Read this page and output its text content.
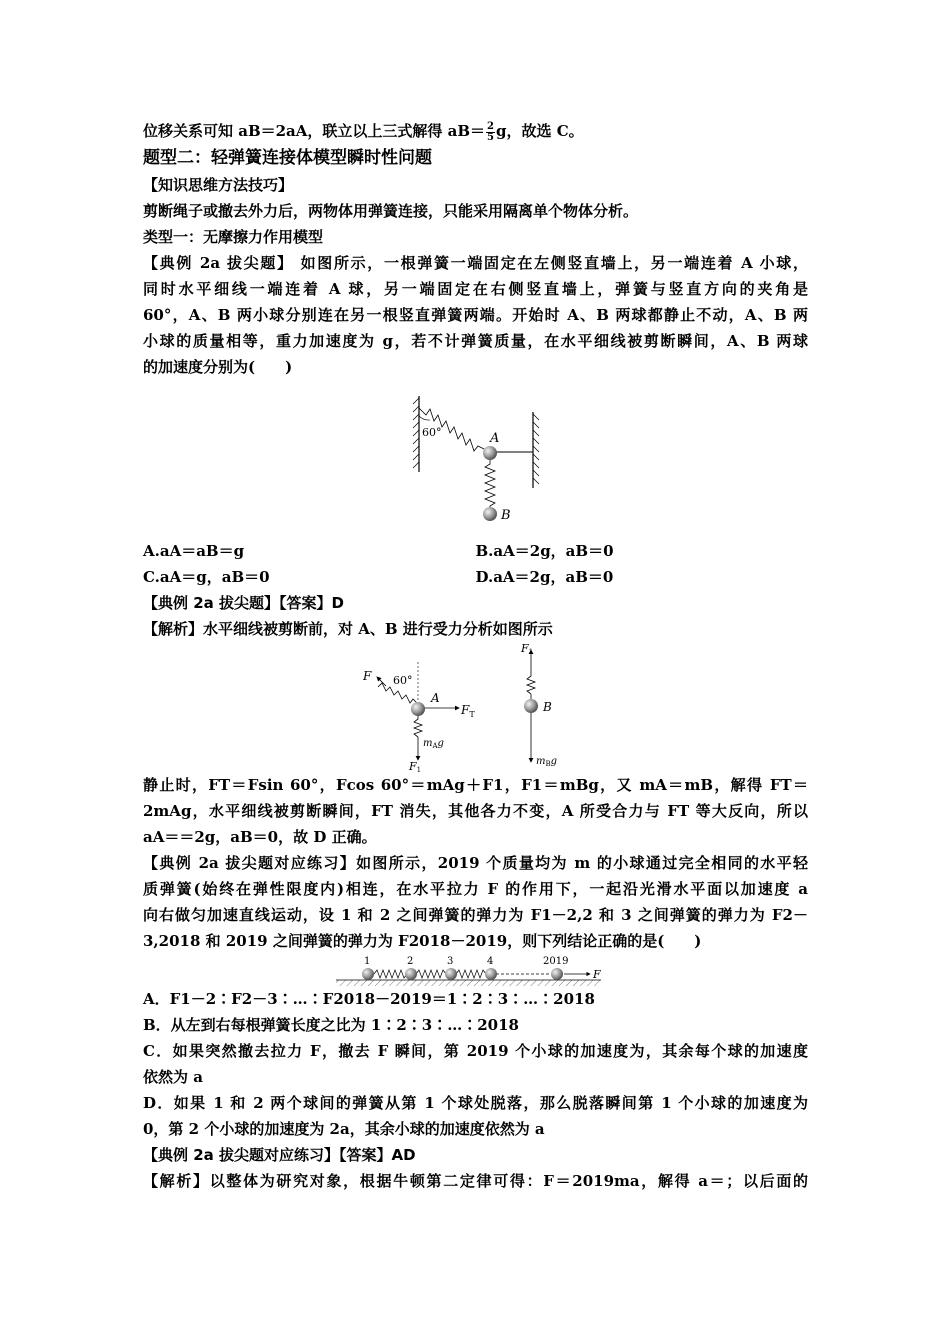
位移关系可知 aB＝2aA，联立以上三式解得 $aB= \frac{2}{5}$ g，故选 C。
题型二：轻弹簧连接体模型瞬时性问题
【知识思维方法技巧】
剪断绳子或撤去外力后，两物体用弹簧连接，只能采用隔离单个物体分析。
类型一：无摩擦力作用模型
【典例 2a 拔尖题】 如图所示，一根弹簧一端固定在左侧竖直墙上，另一端连着 A 小球，
同时水平细线一端连着 A 球，另一端固定在右侧竖直墙上，弹簧与竖直方向的夹角是
60°，A、B 两小球分别连在另一根竖直弹簧两端。开始时 A、B 两球都静止不动，A、B 两
小球的质量相等，重力加速度为 g，若不计弹簧质量，在水平细线被剪断瞬间，A、B 两球
的加速度分别为(　　)
60°	A
B
A.aA＝aB＝g	B.aA＝2g，aB＝0
C.aA＝g，aB＝0	D.aA＝2g，aB＝0
【典例 2a 拔尖题】【答案】D
【解析】水平细线被剪断前，对 A、B 进行受力分析如图所示
F 60°
$F_T$
A
$m_Ag$
F1
F1
B
$m_Bg$
静止时，FT＝Fsin 60°，Fcos 60°＝mAg＋F1，F1＝mBg，又 mA＝mB，解得 FT＝
2mAg，水平细线被剪断瞬间，FT 消失，其他各力不变，A 所受合力与 FT 等大反向，所以
aA＝＝2g，aB＝0，故 D 正确。
【典例 2a 拔尖题对应练习】如图所示，2019 个质量均为 m 的小球通过完全相同的水平轻
质弹簧(始终在弹性限度内)相连，在水平拉力 F 的作用下，一起沿光滑水平面以加速度 a
向右做匀加速直线运动，设 1 和 2 之间弹簧的弹力为 F1－2,2 和 3 之间弹簧的弹力为 F2－
3,2018 和 2019 之间弹簧的弹力为 F2018－2019，则下列结论正确的是(　　)
1	2	3	4	2019
F
A．F1－2∶F2－3∶…∶F2018－2019＝1∶2∶3∶…∶2018
B．从左到右每根弹簧长度之比为 1∶2∶3∶…∶2018
C．如果突然撤去拉力 F，撤去 F 瞬间，第 2019 个小球的加速度为，其余每个球的加速度
依然为 a
D．如果 1 和 2 两个球间的弹簧从第 1 个球处脱落，那么脱落瞬间第 1 个小球的加速度为
0，第 2 个小球的加速度为 2a，其余小球的加速度依然为 a
【典例 2a 拔尖题对应练习】【答案】AD
【解析】以整体为研究对象，根据牛顿第二定律可得：F＝2019ma，解得 a＝；以后面的
